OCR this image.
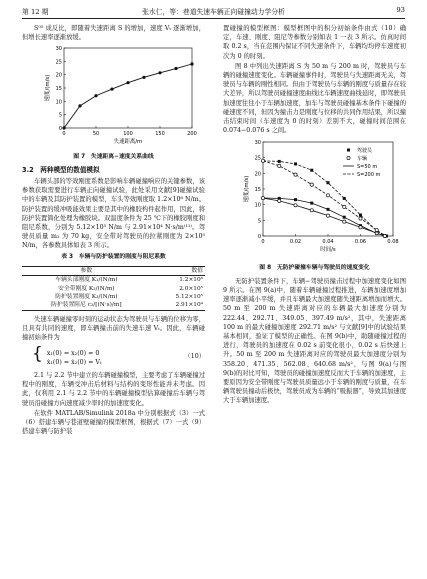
第 12 期	张水仁，等：巷道失速车辆正向碰撞动力学分析	93

S⁰⁵ 成反比，即随着失速距离 S 的增加，速度 Vₜ 逐渐增加，但增长速率逐渐放缓。

0
5
10
15
20
25
30
0	50	100	150	200
失速距离/m
速度/(m/s)
图 7　失速距离−速度关系曲线
3.2　两种模型的数值模拟

车辆头部的等效刚度系数是影响车辆碰撞响应的关键参数，该参数获取需要进行车辆正向碰撞试验，此处采用文献[9]碰撞试验中的车辆及其防护装置的模型，车头等效刚度取 1.2×10⁶ N/m。防护装置的缓冲吸能效果主要是其中的橡胶构件起作用，因此，将防护装置简化处理为橡胶块。双温度条件为 25 ℃下的橡胶刚度和阻尼系数，分别为 5.12×10⁵ N/m 与 2.91×10⁴ N·s/m⁽¹¹⁾。驾驶员质量 m₂ 为 70 kg，安全带对驾驶员的拉紧刚度为 2×10⁵ N/m，各参数具体如表 3 所示。

表 3　车辆与防护装置的刚度与阻尼系数
参数	数值
车辆头部刚度 K₁/(N/m)	1.2×10⁶
安全带刚度 K₂/(N/m)	2.0×10⁵
防护装置刚度 K₃/(N/m)	5.12×10⁵
防护装置阻尼 c₃/[(N·s)/m]	2.91×10⁴

失速车辆碰撞零时刻的运动状态为驾驶员与车辆的位移为零，且具有共同的速度，即车辆撞击前的失速车速 Vₜ。因此，车辆碰撞初始条件为

{ x₁(0) = x₂(0) = 0
ẋ₁(0) = ẋ₂(0) = Vₜ
（10）

2.1 与 2.2 节中建立的车辆碰撞模型，主要考虑了车辆碰撞过程中的刚度，车辆受冲击后材料与结构的变形性能并未考虑。因此，仅利用 2.1 与 2.2 节中的车辆碰撞模型估算碰撞后车辆与驾驶员沿碰撞方向速度减少率时的加速度变化。

在软件 MATLAB/Simulink 2018a 中分别根据式（3）一式（6）搭建车辆与巷道壁碰撞的模型框图，根据式（7）一式（9）搭建车辆与防护装

置碰撞的模型框图：模型框图中的积分初始条件由式（10）确定，车速、刚度、阻尼等参数分别如表 1 一表 3 所示。仿真时间取 0.2 s，当在范围内保证不同失速条件下，车辆均均停车速度初次为 0 的时刻。

图 8 中列出失速距离 S 为 50 m 与 200 m 时，驾驶员与车辆的碰撞速度变化。车辆碰撞事件时，驾驶员与失速距离无关，驾驶员与车辆的刚性相同。但由于驾驶员与车辆的刚度与质量存在较大差异，所以驾驶员碰撞速度曲线比车辆速度曲线延时，即驾驶员加速度往往小于车辆加速度，加车与驾驶员碰撞基本条件下碰撞的碰速度不同，但因为撞击力是刚度与位移的共同作用结果，所以撞击结束时间（车速度为 0 的时刻）差别不大，碰撞时间范围在 0.074−0.076 s 之间。

0
5
10
15
20
25
30
0	0.02	0.04	0.06	0.08
时间/s
速度/(m/s)
驾驶员
车辆
S=50 m
S=200 m
图 8　无防护碰撞车辆与驾驶员的速度变化

无防护装置条件下，车辆−驾驶员撞击过程中加速度变化如图 9 所示。在图 9(a)中，随着车辆碰撞过程推进，车辆加速度增加速率逐渐减小平缓，并且车辆最大加速度随失速距离增加而增大。50 m 至 200 m 失速距离对应的车辆最大加速度分别为 222.44、292.71、349.05、397.49 m/s²，其中，失速距离 100 m 的最大碰撞加速度 292.71 m/s² 与文献[9]中的试验结果基本相同，验证了模型的正确性。在图 9(b)中，助随碰撞过程的进行，驾驶员的加速度在 0.02 s 前变化很小，0.02 s 后快速上升。50 m 至 200 m 失速距离对应的驾驶员最大加速度分别为 358.20、471.35、562.08、640.68 m/s²，与图 9(a)与图 9(b)的对比可知，驾驶员的碰撞加速度反而大于车辆的加速度，主要原因为安全带刚度与驾驶员质量远小于车辆的刚度与质量，在车辆驾驶员撞动后极快，驾驶员成为车辆的“吸振器”，导致其加速度大于车辆加速度。
